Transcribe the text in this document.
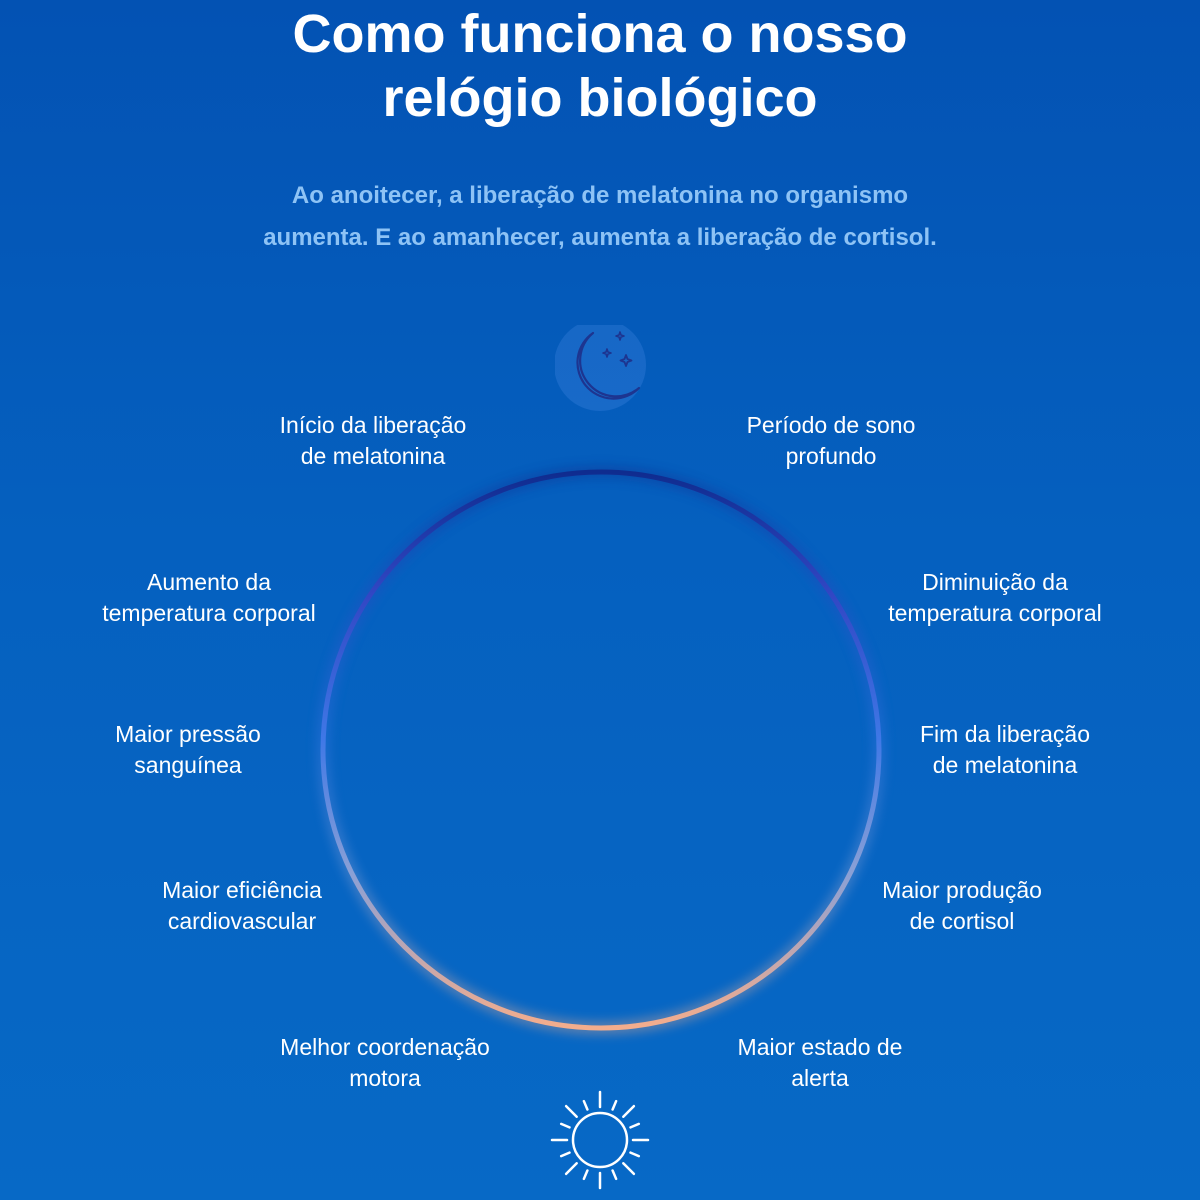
Como funciona o nosso
relógio biológico

Ao anoitecer, a liberação de melatonina no organismo
aumenta. E ao amanhecer, aumenta a liberação de cortisol.

Início da liberação
de melatonina
Aumento da
temperatura corporal
Maior pressão
sanguínea
Maior eficiência
cardiovascular
Melhor coordenação
motora
Período de sono
profundo
Diminuição da
temperatura corporal
Fim da liberação
de melatonina
Maior produção
de cortisol
Maior estado de
alerta
